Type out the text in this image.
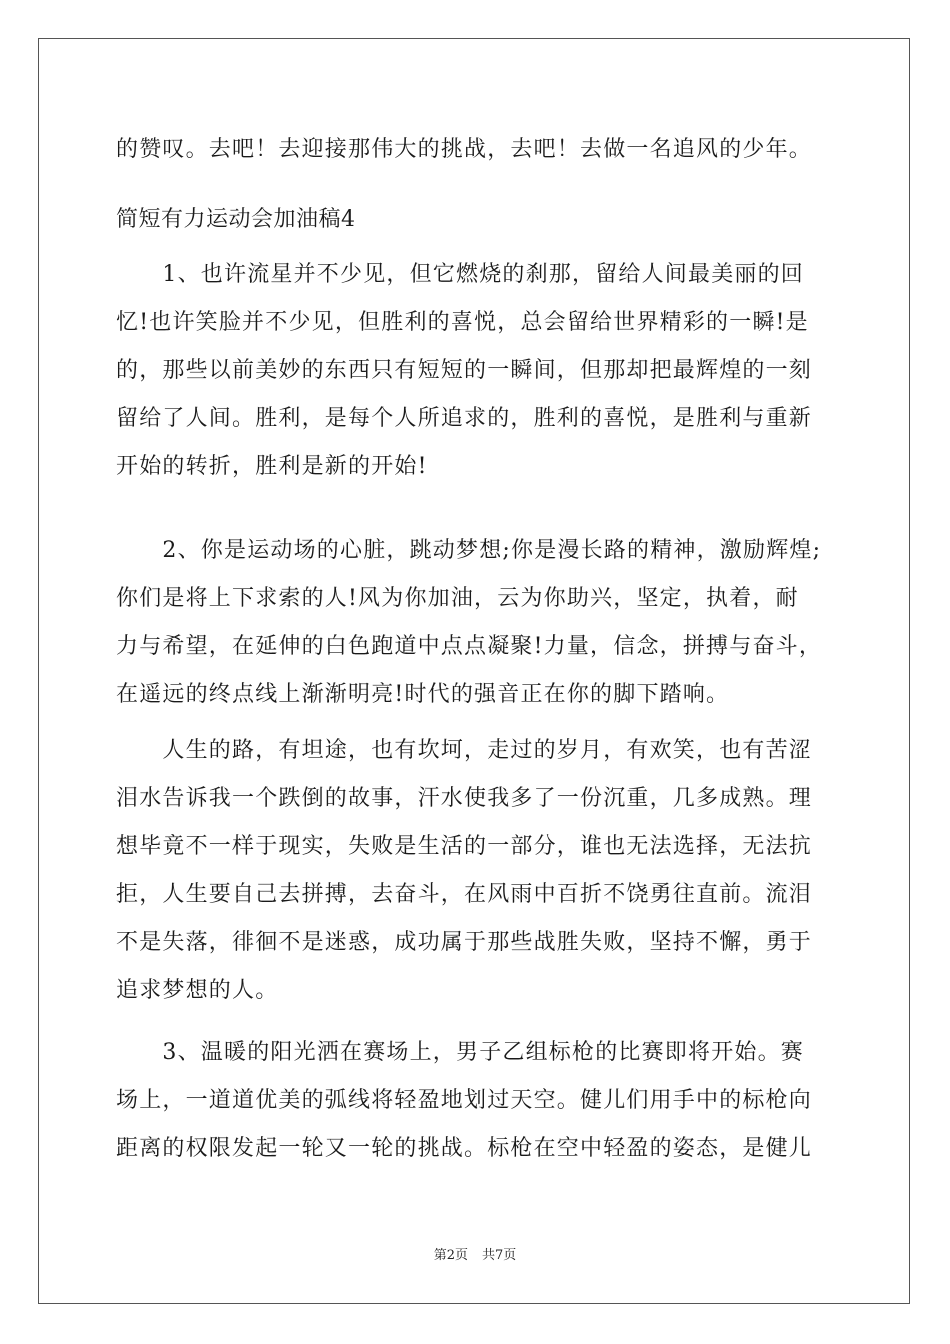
的赞叹。去吧！去迎接那伟大的挑战，去吧！去做一名追风的少年。
简短有力运动会加油稿4
　　1、也许流星并不少见，但它燃烧的刹那，留给人间最美丽的回
忆!也许笑脸并不少见，但胜利的喜悦，总会留给世界精彩的一瞬!是
的，那些以前美妙的东西只有短短的一瞬间，但那却把最辉煌的一刻
留给了人间。胜利，是每个人所追求的，胜利的喜悦，是胜利与重新
开始的转折，胜利是新的开始!
　　2、你是运动场的心脏，跳动梦想;你是漫长路的精神，激励辉煌;
你们是将上下求索的人!风为你加油，云为你助兴，坚定，执着，耐
力与希望，在延伸的白色跑道中点点凝聚!力量，信念，拼搏与奋斗，
在遥远的终点线上渐渐明亮!时代的强音正在你的脚下踏响。
　　人生的路，有坦途，也有坎坷，走过的岁月，有欢笑，也有苦涩
泪水告诉我一个跌倒的故事，汗水使我多了一份沉重，几多成熟。理
想毕竟不一样于现实，失败是生活的一部分，谁也无法选择，无法抗
拒，人生要自己去拼搏，去奋斗，在风雨中百折不饶勇往直前。流泪
不是失落，徘徊不是迷惑，成功属于那些战胜失败，坚持不懈，勇于
追求梦想的人。
　　3、温暖的阳光洒在赛场上，男子乙组标枪的比赛即将开始。赛
场上，一道道优美的弧线将轻盈地划过天空。健儿们用手中的标枪向
距离的权限发起一轮又一轮的挑战。标枪在空中轻盈的姿态，是健儿
第2页 共7页
